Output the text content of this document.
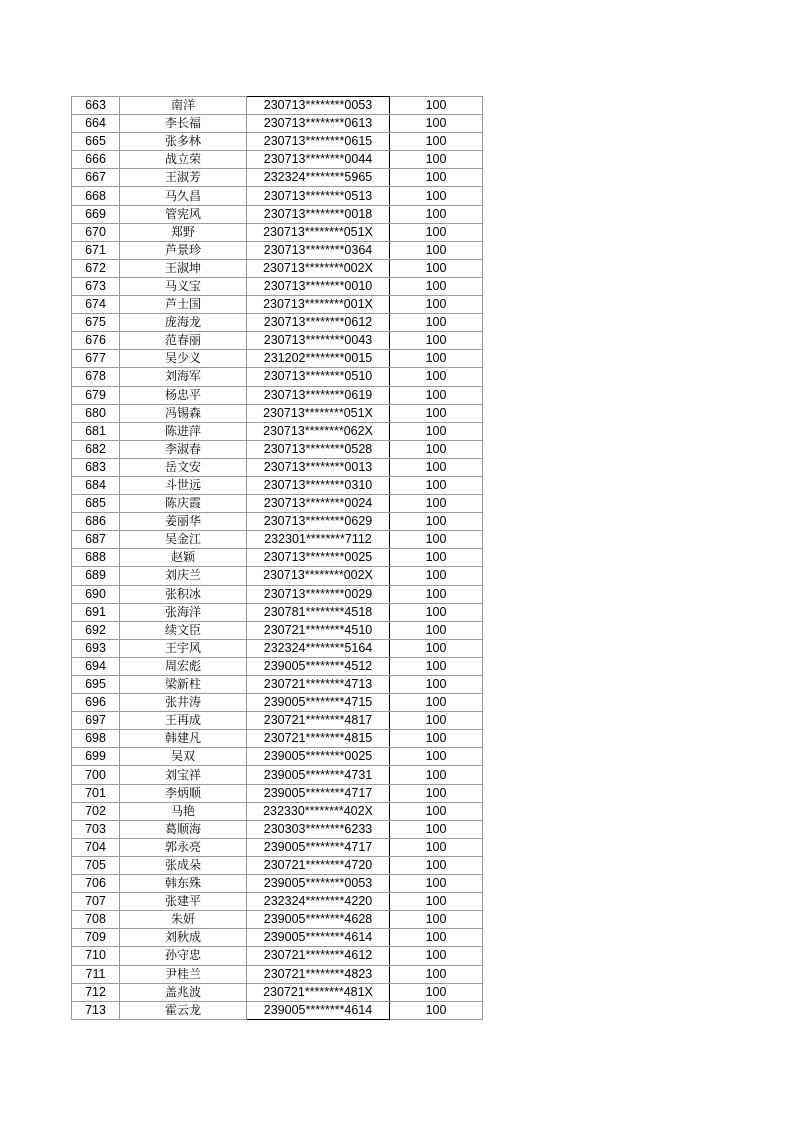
663	南洋	230713********0053	100
664	李长福	230713********0613	100
665	张多林	230713********0615	100
666	战立荣	230713********0044	100
667	王淑芳	232324********5965	100
668	马久昌	230713********0513	100
669	管宪风	230713********0018	100
670	郑野	230713********051X	100
671	芦景珍	230713********0364	100
672	王淑坤	230713********002X	100
673	马义宝	230713********0010	100
674	芦士国	230713********001X	100
675	庞海龙	230713********0612	100
676	范春丽	230713********0043	100
677	吴少义	231202********0015	100
678	刘海军	230713********0510	100
679	杨忠平	230713********0619	100
680	冯锡森	230713********051X	100
681	陈进萍	230713********062X	100
682	李淑春	230713********0528	100
683	岳文安	230713********0013	100
684	斗世远	230713********0310	100
685	陈庆霞	230713********0024	100
686	姜丽华	230713********0629	100
687	吴金江	232301********7112	100
688	赵颖	230713********0025	100
689	刘庆兰	230713********002X	100
690	张积冰	230713********0029	100
691	张海洋	230781********4518	100
692	续文臣	230721********4510	100
693	王宇风	232324********5164	100
694	周宏彪	239005********4512	100
695	梁新柱	230721********4713	100
696	张井涛	239005********4715	100
697	王再成	230721********4817	100
698	韩建凡	230721********4815	100
699	吴双	239005********0025	100
700	刘宝祥	239005********4731	100
701	李炳顺	239005********4717	100
702	马艳	232330********402X	100
703	葛顺海	230303********6233	100
704	郭永亮	239005********4717	100
705	张成朵	230721********4720	100
706	韩东殊	239005********0053	100
707	张建平	232324********4220	100
708	朱妍	239005********4628	100
709	刘秋成	239005********4614	100
710	孙守忠	230721********4612	100
711	尹桂兰	230721********4823	100
712	盖兆波	230721********481X	100
713	霍云龙	239005********4614	100
